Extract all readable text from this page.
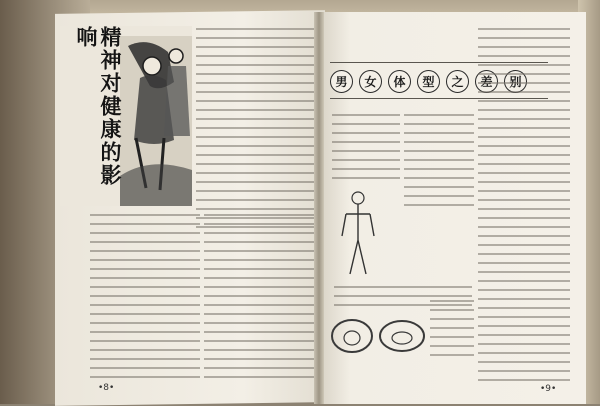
精神对健康的影响
•8•
男	女	体	型	之
•9•
